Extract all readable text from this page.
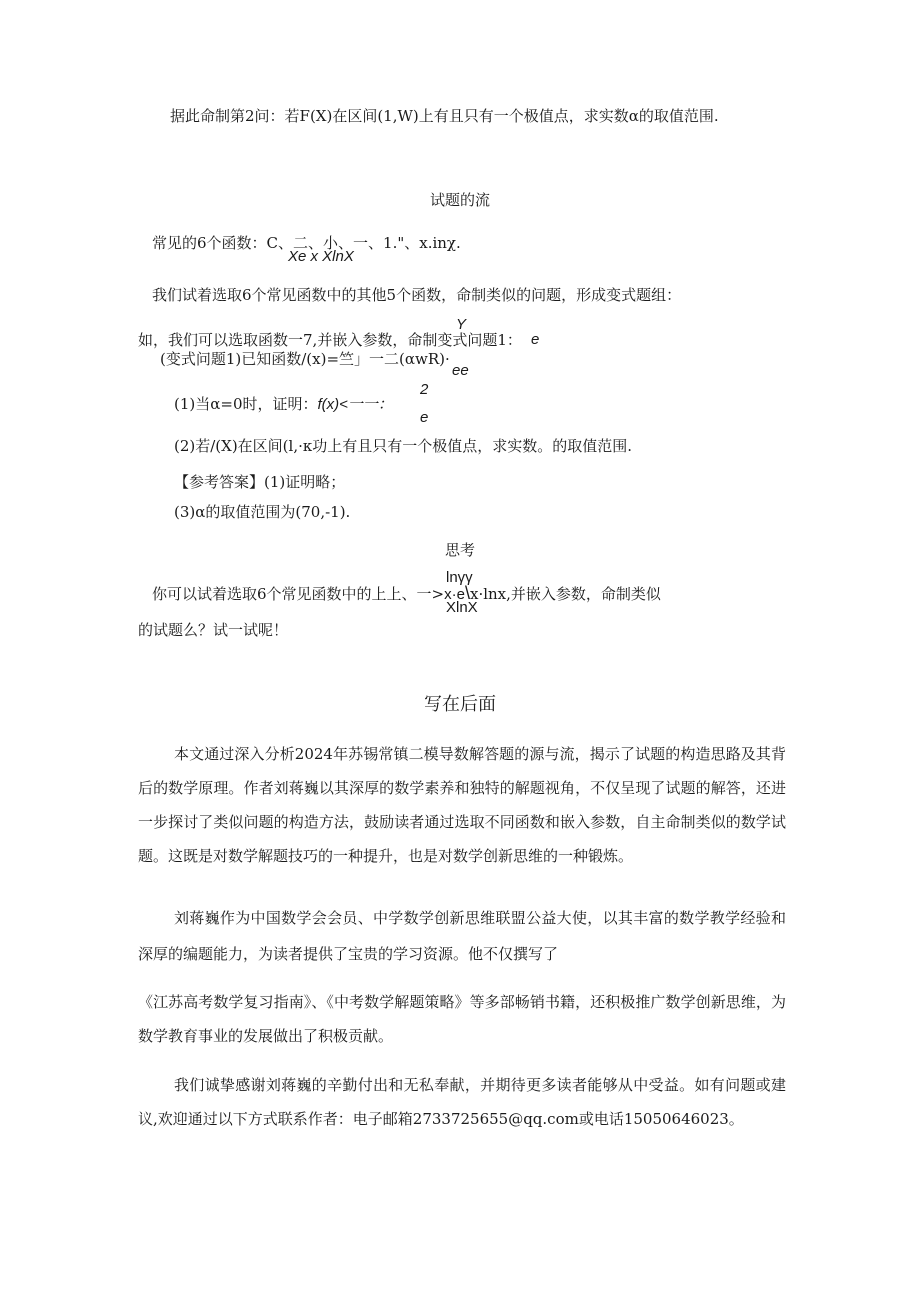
据此命制第2问：若F(X)在区间(1,W)上有且只有一个极值点，求实数α的取值范围.
试题的流
常见的6个函数：C、二、小、一、1."、x.inχ.
Xe x XlnX
我们试着选取6个常见函数中的其他5个函数，命制类似的问题，形成变式题组：
Y
如，我们可以选取函数一7,并嵌入参数，命制变式问题1： e
(变式问题1)已知函数/(x)=竺」一二(αwR)·
ee
2
(1)当α=0时，证明：f(x)<一一：
e
(2)若/(X)在区间(l,·κ功上有且只有一个极值点，求实数。的取值范围.
【参考答案】(1)证明略；
(3)α的取值范围为(70,-1).
思考
lnγγ
你可以试着选取6个常见函数中的上上、一>x·e\x·lnx,并嵌入参数，命制类似
XlnX
的试题么？试一试呢！
写在后面

本文通过深入分析2024年苏锡常镇二模导数解答题的源与流，揭示了试题的构造思路及其背后的数学原理。作者刘蒋巍以其深厚的数学素养和独特的解题视角，不仅呈现了试题的解答，还进一步探讨了类似问题的构造方法，鼓励读者通过选取不同函数和嵌入参数，自主命制类似的数学试题。这既是对数学解题技巧的一种提升，也是对数学创新思维的一种锻炼。

刘蒋巍作为中国数学会会员、中学数学创新思维联盟公益大使，以其丰富的数学教学经验和深厚的编题能力，为读者提供了宝贵的学习资源。他不仅撰写了

《江苏高考数学复习指南》、《中考数学解题策略》等多部畅销书籍，还积极推广数学创新思维，为数学教育事业的发展做出了积极贡献。

我们诚挚感谢刘蒋巍的辛勤付出和无私奉献，并期待更多读者能够从中受益。如有问题或建议,欢迎通过以下方式联系作者：电子邮箱2733725655@qq.com或电话15050646023。
